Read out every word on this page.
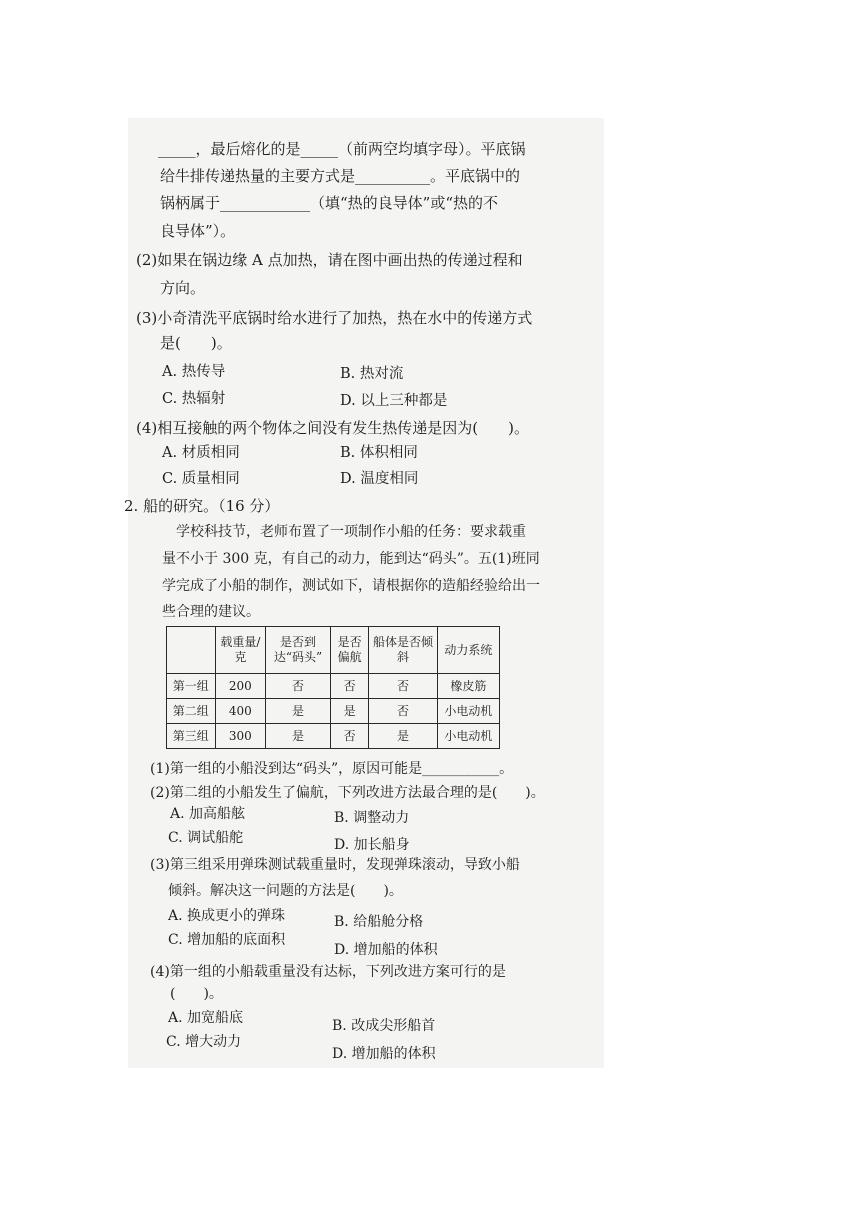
_____，最后熔化的是_____（前两空均填字母）。平底锅
给牛排传递热量的主要方式是__________。平底锅中的
锅柄属于____________（填“热的良导体”或“热的不
良导体”）。
(2)如果在锅边缘 A 点加热，请在图中画出热的传递过程和
方向。
(3)小奇清洗平底锅时给水进行了加热，热在水中的传递方式
是(　　)。
A. 热传导	B. 热对流
C. 热辐射	D. 以上三种都是
(4)相互接触的两个物体之间没有发生热传递是因为(　　)。
A. 材质相同	B. 体积相同
C. 质量相同	D. 温度相同
2. 船的研究。（16 分）
学校科技节，老师布置了一项制作小船的任务：要求载重
量不小于 300 克，有自己的动力，能到达“码头”。五(1)班同
学完成了小船的制作，测试如下，请根据你的造船经验给出一
些合理的建议。
	载重量/克	是否到达“码头”	是否偏航	船体是否倾斜	动力系统
第一组	200	否	否	否	橡皮筋
第二组	400	是	是	否	小电动机
第三组	300	是	否	是	小电动机
(1)第一组的小船没到达“码头”，原因可能是___________。
(2)第二组的小船发生了偏航，下列改进方法最合理的是(　　)。
A. 加高船舷	B. 调整动力
C. 调试船舵	D. 加长船身
(3)第三组采用弹珠测试载重量时，发现弹珠滚动，导致小船
倾斜。解决这一问题的方法是(　　)。
A. 换成更小的弹珠	B. 给船舱分格
C. 增加船的底面积
D. 增加船的体积
(4)第一组的小船载重量没有达标，下列改进方案可行的是
(　　)。
A. 加宽船底	B. 改成尖形船首
C. 增大动力
D. 增加船的体积
